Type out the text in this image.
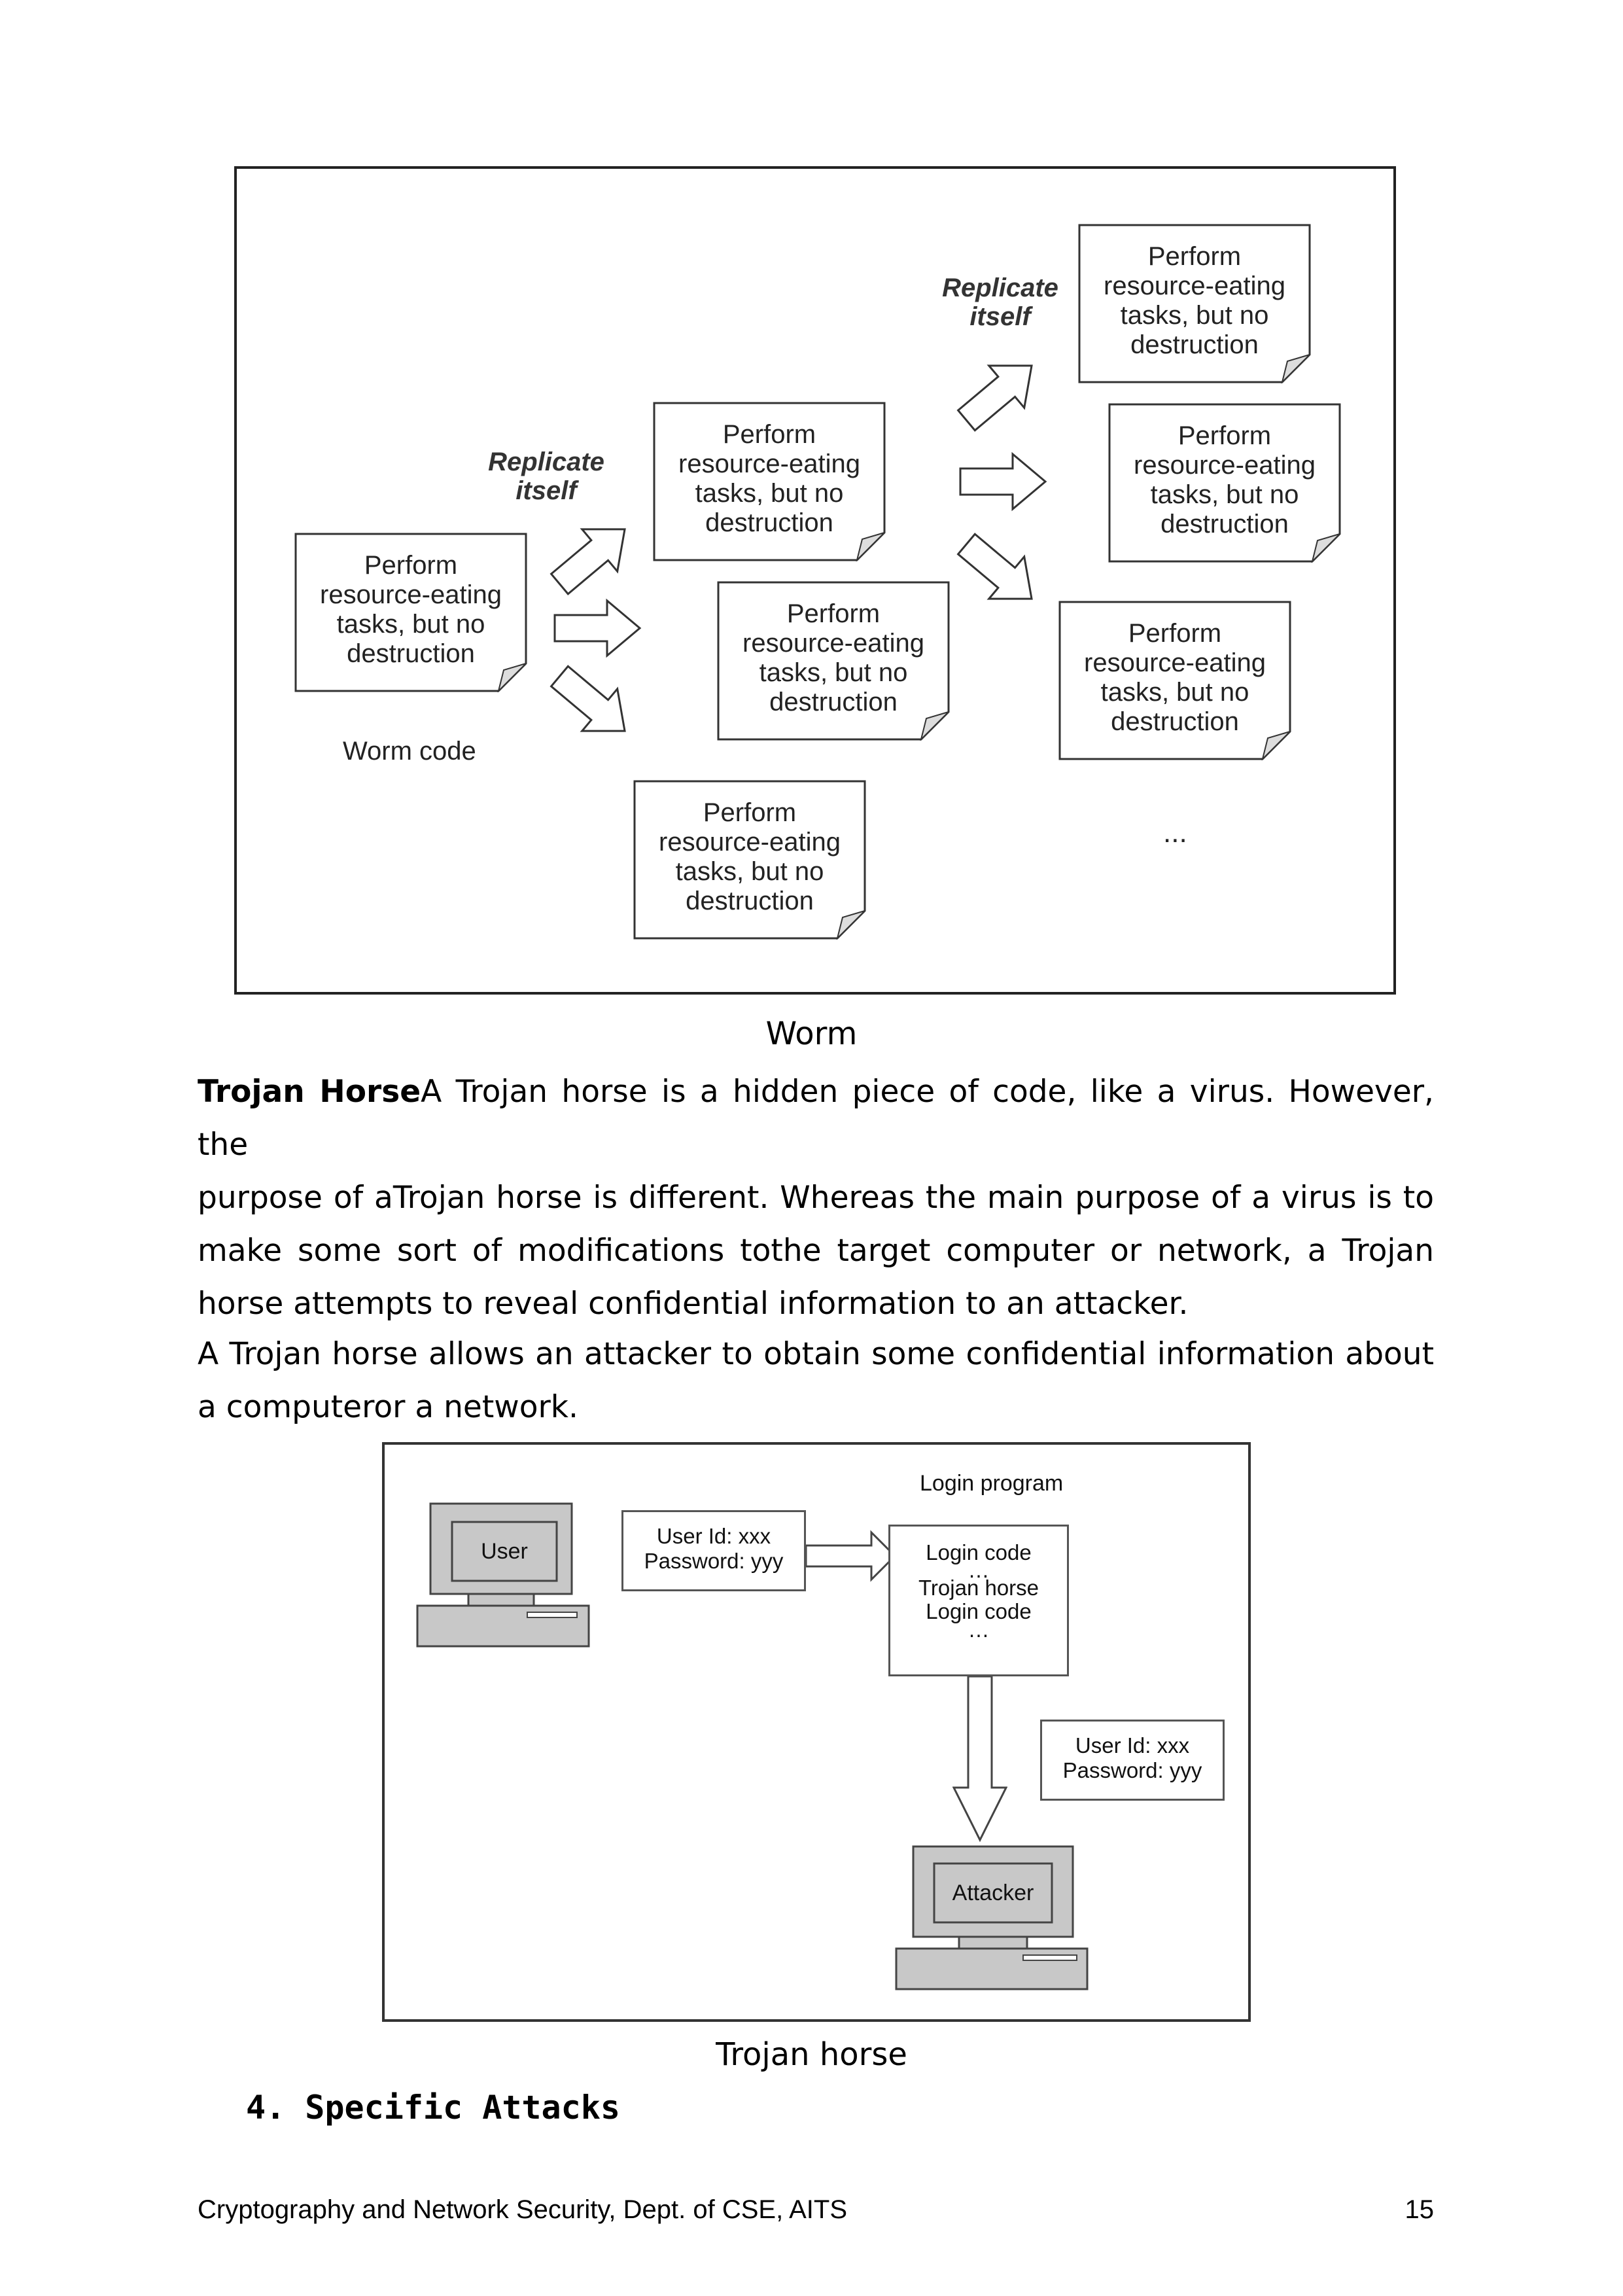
Perform
resource-eating
tasks, but no
destruction
Worm code
Replicate
itself
Perform
resource-eating
tasks, but no
destruction
Perform
resource-eating
tasks, but no
destruction
Perform
resource-eating
tasks, but no
destruction
Replicate
itself
Perform
resource-eating
tasks, but no
destruction
Perform
resource-eating
tasks, but no
destruction
Perform
resource-eating
tasks, but no
destruction
...
Worm
Trojan HorseA Trojan horse is a hidden piece of code, like a virus. However, the
purpose of aTrojan horse is different. Whereas the main purpose of a virus is to
make some sort of modifications tothe target computer or network, a Trojan
horse attempts to reveal confidential information to an attacker.
A Trojan horse allows an attacker to obtain some confidential information about
a computeror a network.
Login program
User
User Id: xxx
Password: yyy	Login code
…
Trojan horse
Login code
…
User Id: xxx
Password: yyy
Attacker
Trojan horse
4. Specific Attacks
Cryptography and Network Security, Dept. of CSE, AITS	15
